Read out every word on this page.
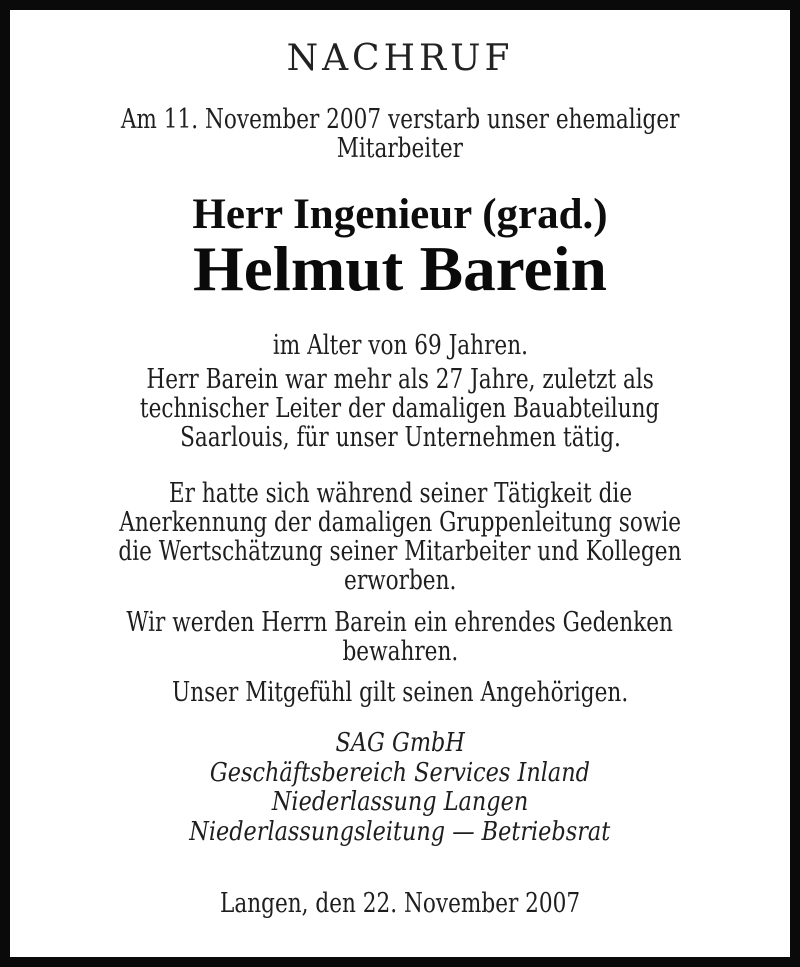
NACHRUF
Am 11. November 2007 verstarb unser ehemaliger
Mitarbeiter
Herr Ingenieur (grad.)
Helmut Barein
im Alter von 69 Jahren.
Herr Barein war mehr als 27 Jahre, zuletzt als
technischer Leiter der damaligen Bauabteilung
Saarlouis, für unser Unternehmen tätig.
Er hatte sich während seiner Tätigkeit die
Anerkennung der damaligen Gruppenleitung sowie
die Wertschätzung seiner Mitarbeiter und Kollegen
erworben.
Wir werden Herrn Barein ein ehrendes Gedenken
bewahren.
Unser Mitgefühl gilt seinen Angehörigen.
SAG GmbH
Geschäftsbereich Services Inland
Niederlassung Langen
Niederlassungsleitung — Betriebsrat
Langen, den 22. November 2007
